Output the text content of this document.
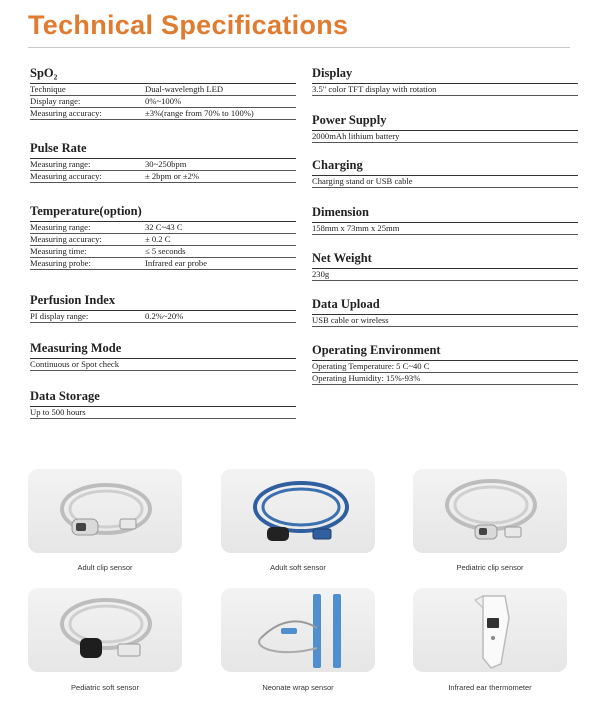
Technical Specifications
SpO₂
Technique	Dual-wavelength LED
Display range:	0%~100%
Measuring accuracy:	±3%(range from 70% to 100%)
Pulse Rate
Measuring range:	30~250bpm
Measuring accuracy:	± 2bpm or ±2%
Temperature(option)
Measuring range:	32 C~43 C
Measuring accuracy:	± 0.2 C
Measuring time:	≤ 5 seconds
Measuring probe:	Infrared ear probe
Perfusion Index
PI display range:	0.2%~20%
Measuring Mode
Continuous or Spot check
Data Storage
Up to 500 hours
Display
3.5" color TFT display with rotation
Power Supply
2000mAh lithium battery
Charging
Charging stand or USB cable
Dimension
158mm x 73mm x 25mm
Net Weight
230g
Data Upload
USB cable or wireless
Operating Environment
Operating Temperature: 5 C~40 C
Operating Humidity: 15%-93%
Adult clip sensor	Adult soft sensor	Pediatric clip sensor
Pediatric soft sensor	Neonate wrap sensor	Infrared ear thermometer
